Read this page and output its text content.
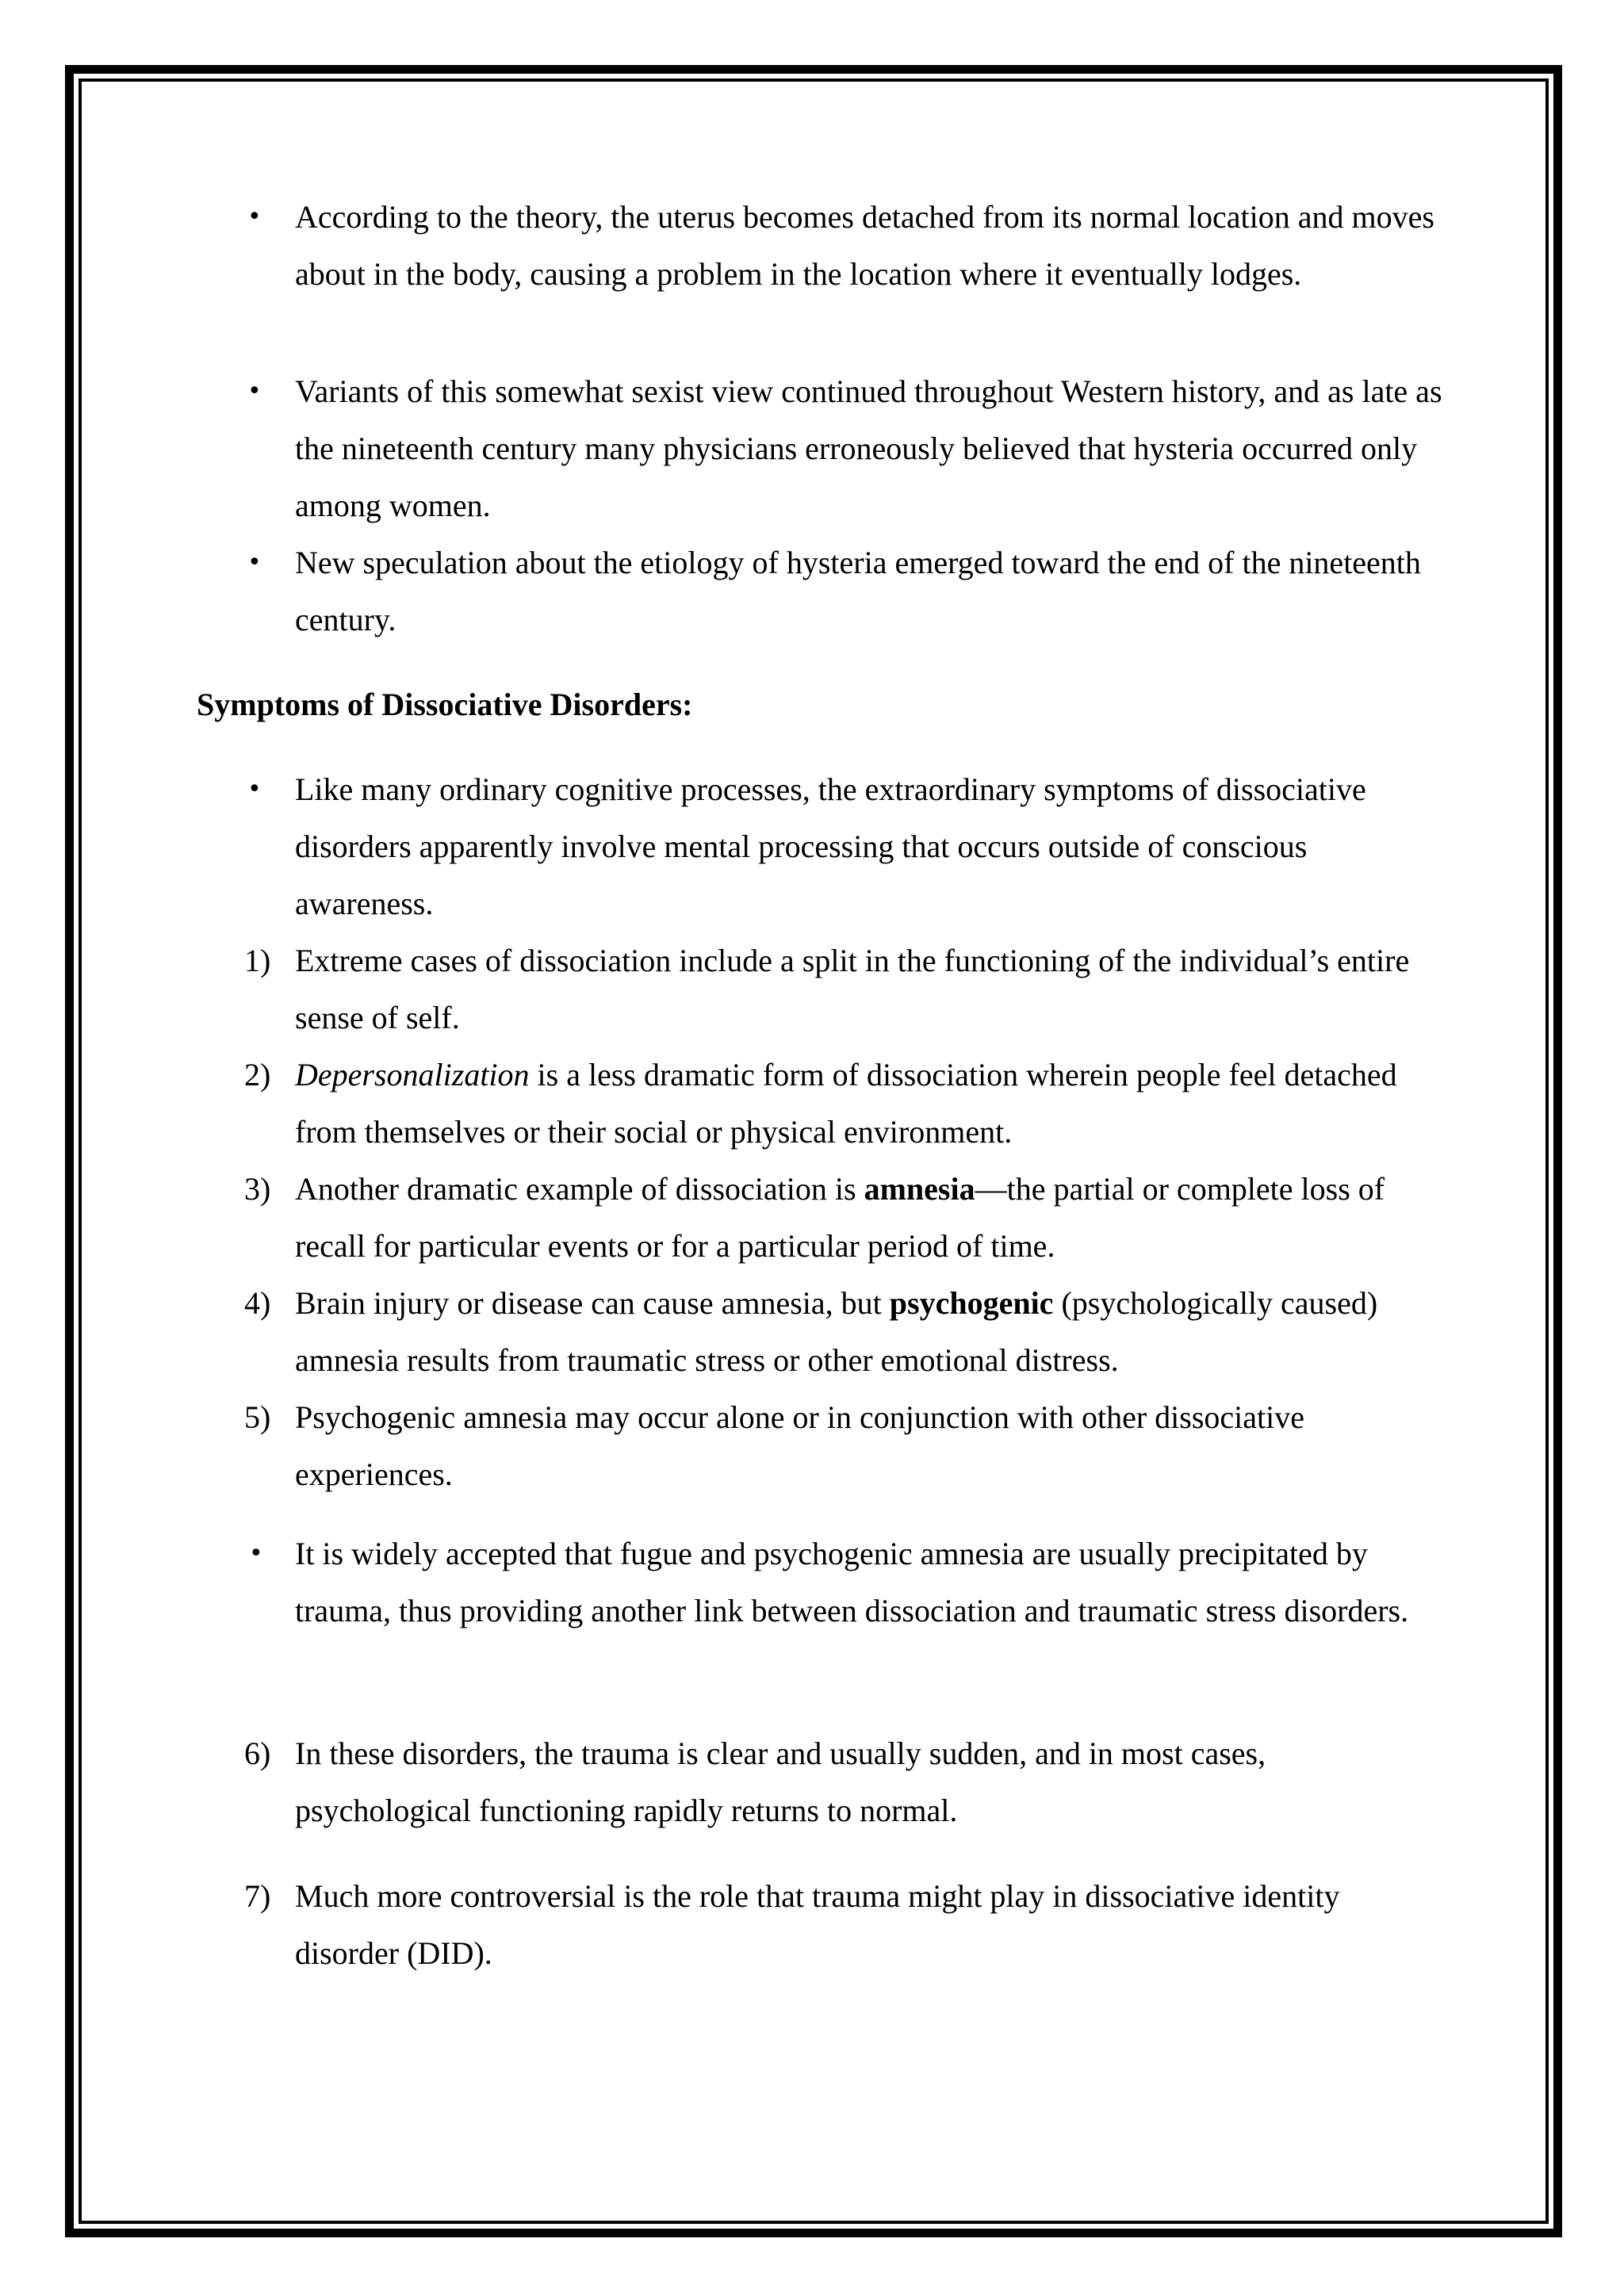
•	According to the theory, the uterus becomes detached from its normal location and moves about in the body, causing a problem in the location where it eventually lodges.

•	Variants of this somewhat sexist view continued throughout Western history, and as late as the nineteenth century many physicians erroneously believed that hysteria occurred only among women.

•	New speculation about the etiology of hysteria emerged toward the end of the nineteenth century.

Symptoms of Dissociative Disorders:

•	Like many ordinary cognitive processes, the extraordinary symptoms of dissociative disorders apparently involve mental processing that occurs outside of conscious awareness.

1) Extreme cases of dissociation include a split in the functioning of the individual’s entire sense of self.

2) Depersonalization is a less dramatic form of dissociation wherein people feel detached from themselves or their social or physical environment.

3) Another dramatic example of dissociation is amnesia—the partial or complete loss of recall for particular events or for a particular period of time.

4) Brain injury or disease can cause amnesia, but psychogenic (psychologically caused) amnesia results from traumatic stress or other emotional distress.

5) Psychogenic amnesia may occur alone or in conjunction with other dissociative experiences.

•	It is widely accepted that fugue and psychogenic amnesia are usually precipitated by trauma, thus providing another link between dissociation and traumatic stress disorders.

6) In these disorders, the trauma is clear and usually sudden, and in most cases, psychological functioning rapidly returns to normal.

7) Much more controversial is the role that trauma might play in dissociative identity disorder (DID).
